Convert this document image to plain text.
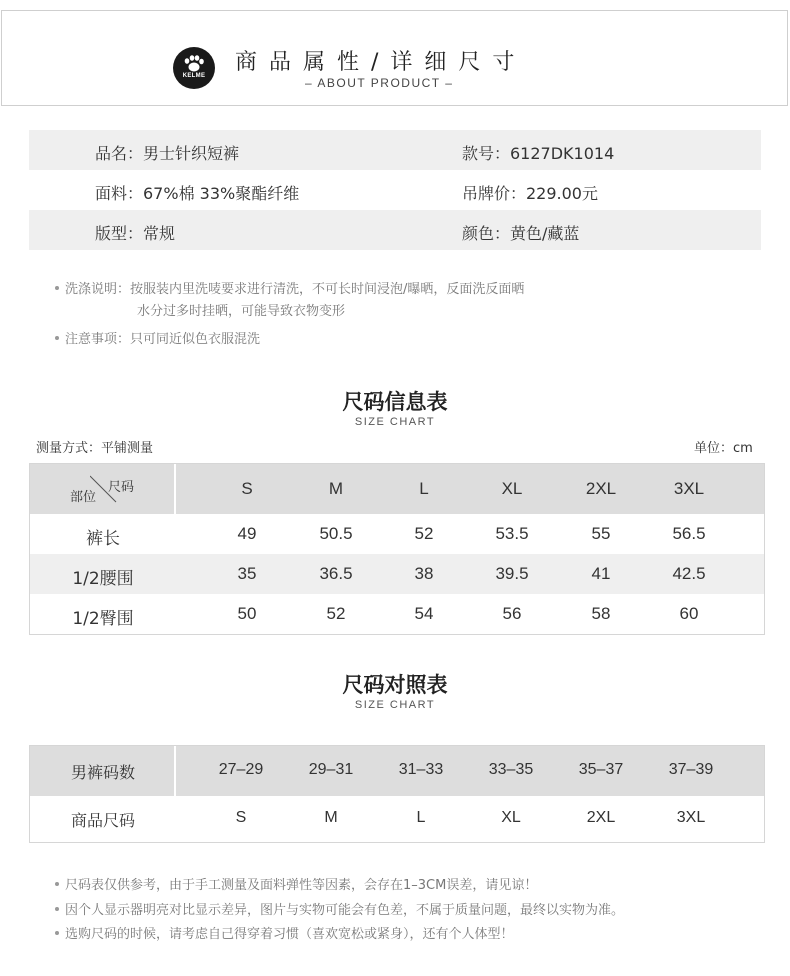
KELME
商品属性/详细尺寸
– ABOUT PRODUCT –
品名：男士针织短裤	款号：6127DK1014
面料：67%棉 33%聚酯纤维	吊牌价：229.00元
版型：常规	颜色：黄色/藏蓝
洗涤说明：按服装内里洗唛要求进行清洗，不可长时间浸泡/曝晒，反面洗反面晒
水分过多时挂晒，可能导致衣物变形
注意事项：只可同近似色衣服混洗
尺码信息表
SIZE CHART
测量方式：平铺测量	单位：cm
部位
尺码	S	M	L	XL	2XL	3XL
裤长	49	50.5	52	53.5	55	56.5
1/2腰围	35	36.5	38	39.5	41	42.5
1/2臀围	50	52	54	56	58	60
尺码对照表
SIZE CHART
男裤码数	27–29	29–31	31–33	33–35	35–37	37–39
商品尺码	S	M	L	XL	2XL	3XL
尺码表仅供参考，由于手工测量及面料弹性等因素，会存在1–3CM误差，请见谅！
因个人显示器明亮对比显示差异，图片与实物可能会有色差，不属于质量问题，最终以实物为准。
选购尺码的时候，请考虑自己得穿着习惯（喜欢宽松或紧身），还有个人体型！
